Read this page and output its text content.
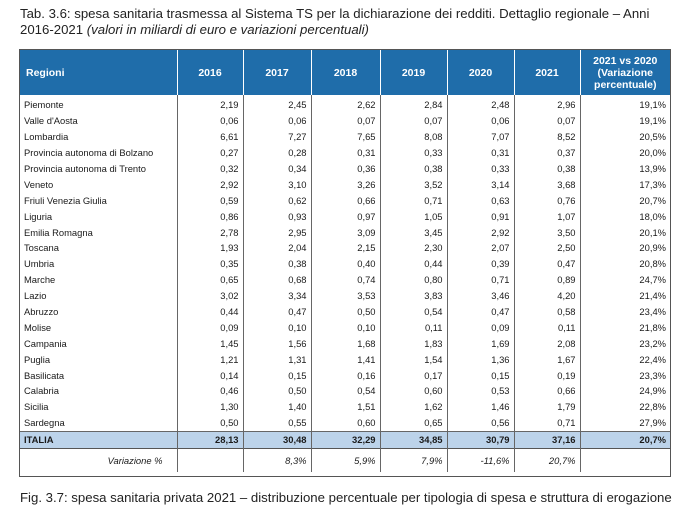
Tab. 3.6: spesa sanitaria trasmessa al Sistema TS per la dichiarazione dei redditi. Dettaglio regionale – Anni 2016-2021 (valori in miliardi di euro e variazioni percentuali)
Regioni	2016	2017	2018	2019	2020	2021	2021 vs 2020 (Variazione percentuale)
Piemonte	2,19	2,45	2,62	2,84	2,48	2,96	19,1%
Valle d'Aosta	0,06	0,06	0,07	0,07	0,06	0,07	19,1%
Lombardia	6,61	7,27	7,65	8,08	7,07	8,52	20,5%
Provincia autonoma di Bolzano	0,27	0,28	0,31	0,33	0,31	0,37	20,0%
Provincia autonoma di Trento	0,32	0,34	0,36	0,38	0,33	0,38	13,9%
Veneto	2,92	3,10	3,26	3,52	3,14	3,68	17,3%
Friuli Venezia Giulia	0,59	0,62	0,66	0,71	0,63	0,76	20,7%
Liguria	0,86	0,93	0,97	1,05	0,91	1,07	18,0%
Emilia Romagna	2,78	2,95	3,09	3,45	2,92	3,50	20,1%
Toscana	1,93	2,04	2,15	2,30	2,07	2,50	20,9%
Umbria	0,35	0,38	0,40	0,44	0,39	0,47	20,8%
Marche	0,65	0,68	0,74	0,80	0,71	0,89	24,7%
Lazio	3,02	3,34	3,53	3,83	3,46	4,20	21,4%
Abruzzo	0,44	0,47	0,50	0,54	0,47	0,58	23,4%
Molise	0,09	0,10	0,10	0,11	0,09	0,11	21,8%
Campania	1,45	1,56	1,68	1,83	1,69	2,08	23,2%
Puglia	1,21	1,31	1,41	1,54	1,36	1,67	22,4%
Basilicata	0,14	0,15	0,16	0,17	0,15	0,19	23,3%
Calabria	0,46	0,50	0,54	0,60	0,53	0,66	24,9%
Sicilia	1,30	1,40	1,51	1,62	1,46	1,79	22,8%
Sardegna	0,50	0,55	0,60	0,65	0,56	0,71	27,9%
ITALIA	28,13	30,48	32,29	34,85	30,79	37,16	20,7%
Variazione %		8,3%	5,9%	7,9%	-11,6%	20,7%	
Fig. 3.7: spesa sanitaria privata 2021 – distribuzione percentuale per tipologia di spesa e struttura di erogazione
